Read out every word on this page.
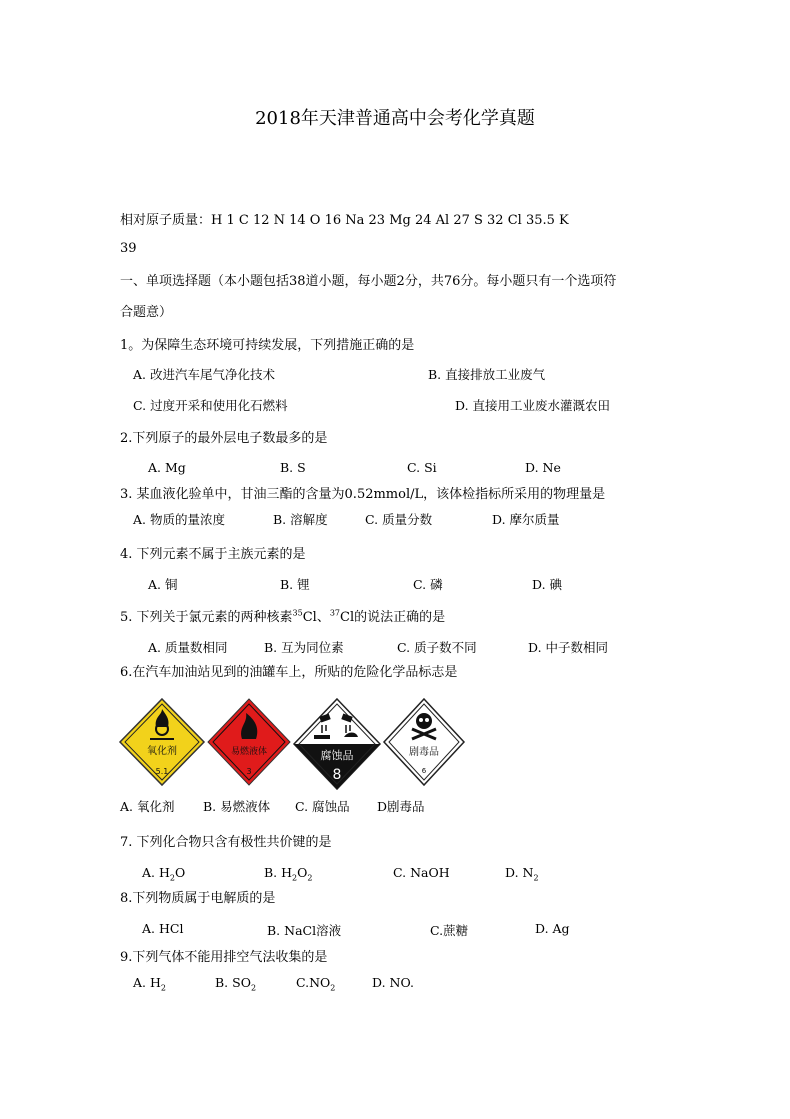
2018年天津普通高中会考化学真题
相对原子质量：H 1 C 12 N 14 O 16 Na 23 Mg 24 Al 27 S 32 Cl 35.5 K
39
一、单项选择题（本小题包括38道小题，每小题2分，共76分。每小题只有一个选项符
合题意）
1。为保障生态环境可持续发展，下列措施正确的是
A. 改进汽车尾气净化技术	B. 直接排放工业废气
C. 过度开采和使用化石燃料	D. 直接用工业废水灌溉农田
2.下列原子的最外层电子数最多的是
A. Mg	B. S	C. Si	D. Ne
3. 某血液化验单中，甘油三酯的含量为0.52mmol/L，该体检指标所采用的物理量是
A. 物质的量浓度	B. 溶解度	C. 质量分数	D. 摩尔质量
4. 下列元素不属于主族元素的是
A. 铜	B. 锂	C. 磷	D. 碘
5. 下列关于氯元素的两种核素$^{35}$Cl、$^{37}$Cl的说法正确的是
A. 质量数相同	B. 互为同位素	C. 质子数不同	D. 中子数相同
6.在汽车加油站见到的油罐车上，所贴的危险化学品标志是
氧化剂
5.1
易燃液体
3
腐蚀品
8
剧毒品
6
A. 氧化剂 B. 易燃液体 C. 腐蚀品 D剧毒品
7. 下列化合物只含有极性共价键的是
A. $H_2O$	B. $H_2O_2$	C. NaOH	D. $N_2$
8.下列物质属于电解质的是
A. HCl	B. NaCl溶液	C.蔗糖	D. Ag
9.下列气体不能用排空气法收集的是
A. $H_2$	B. $SO_2$	$C.NO_2$	D. NO.
